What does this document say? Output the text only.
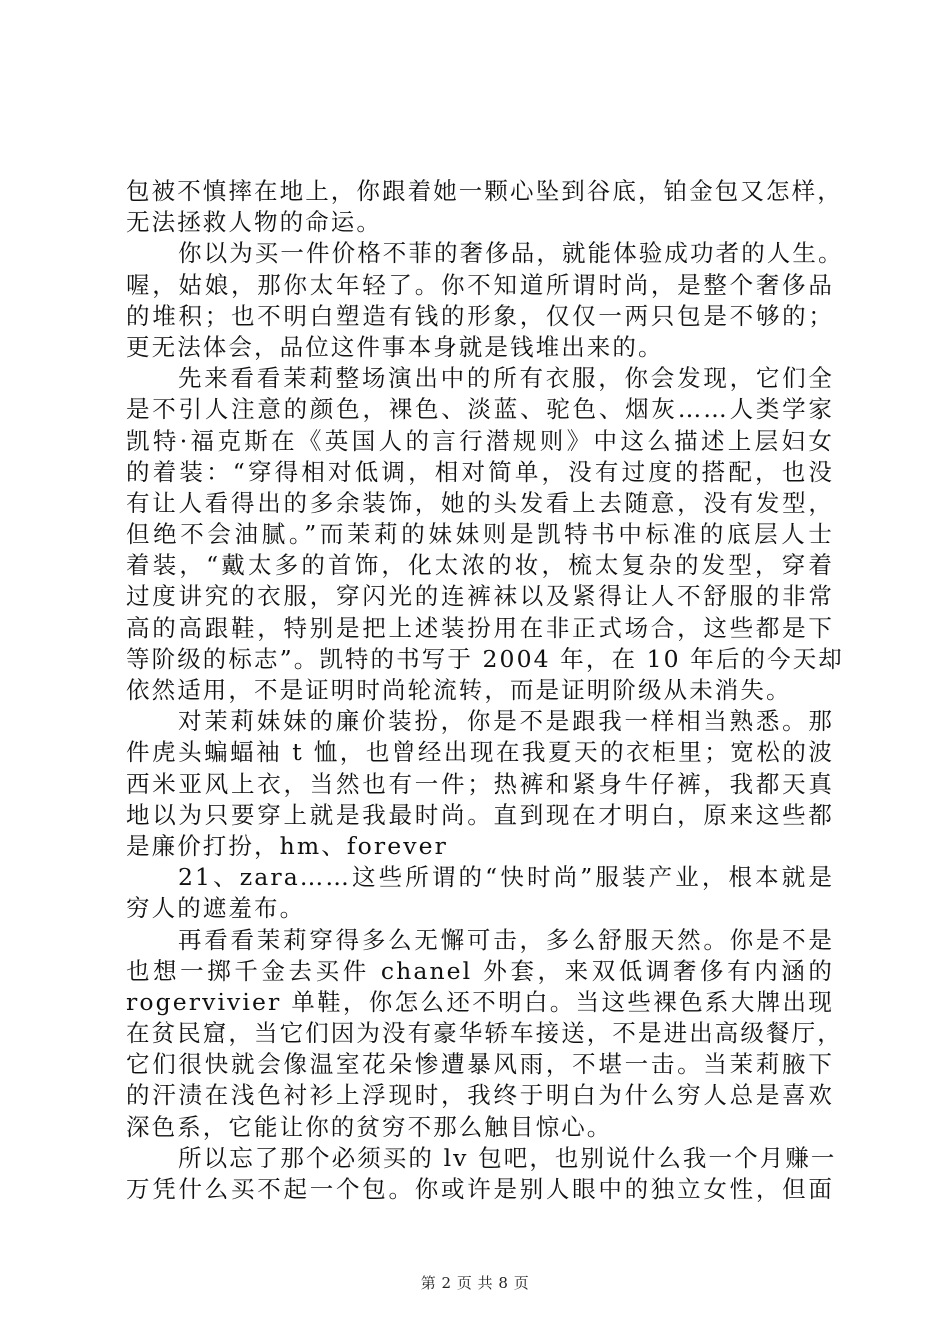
包被不慎摔在地上，你跟着她一颗心坠到谷底，铂金包又怎样，
无法拯救人物的命运。
你以为买一件价格不菲的奢侈品，就能体验成功者的人生。
喔，姑娘，那你太年轻了。你不知道所谓时尚，是整个奢侈品
的堆积；也不明白塑造有钱的形象，仅仅一两只包是不够的；
更无法体会，品位这件事本身就是钱堆出来的。
先来看看茉莉整场演出中的所有衣服，你会发现，它们全
是不引人注意的颜色，裸色、淡蓝、驼色、烟灰……人类学家
凯特·福克斯在《英国人的言行潜规则》中这么描述上层妇女
的着装：“穿得相对低调，相对简单，没有过度的搭配，也没
有让人看得出的多余装饰，她的头发看上去随意，没有发型，
但绝不会油腻。”而茉莉的妹妹则是凯特书中标准的底层人士
着装，“戴太多的首饰，化太浓的妆，梳太复杂的发型，穿着
过度讲究的衣服，穿闪光的连裤袜以及紧得让人不舒服的非常
高的高跟鞋，特别是把上述装扮用在非正式场合，这些都是下
等阶级的标志”。凯特的书写于 2004 年，在 10 年后的今天却
依然适用，不是证明时尚轮流转，而是证明阶级从未消失。
对茉莉妹妹的廉价装扮，你是不是跟我一样相当熟悉。那
件虎头蝙蝠袖 t 恤，也曾经出现在我夏天的衣柜里；宽松的波
西米亚风上衣，当然也有一件；热裤和紧身牛仔裤，我都天真
地以为只要穿上就是我最时尚。直到现在才明白，原来这些都
是廉价打扮，hm、forever
21、zara……这些所谓的“快时尚”服装产业，根本就是
穷人的遮羞布。
再看看茉莉穿得多么无懈可击，多么舒服天然。你是不是
也想一掷千金去买件 chanel 外套，来双低调奢侈有内涵的
rogervivier 单鞋，你怎么还不明白。当这些裸色系大牌出现
在贫民窟，当它们因为没有豪华轿车接送，不是进出高级餐厅，
它们很快就会像温室花朵惨遭暴风雨，不堪一击。当茉莉腋下
的汗渍在浅色衬衫上浮现时，我终于明白为什么穷人总是喜欢
深色系，它能让你的贫穷不那么触目惊心。
所以忘了那个必须买的 lv 包吧，也别说什么我一个月赚一
万凭什么买不起一个包。你或许是别人眼中的独立女性，但面
第 2 页 共 8 页
